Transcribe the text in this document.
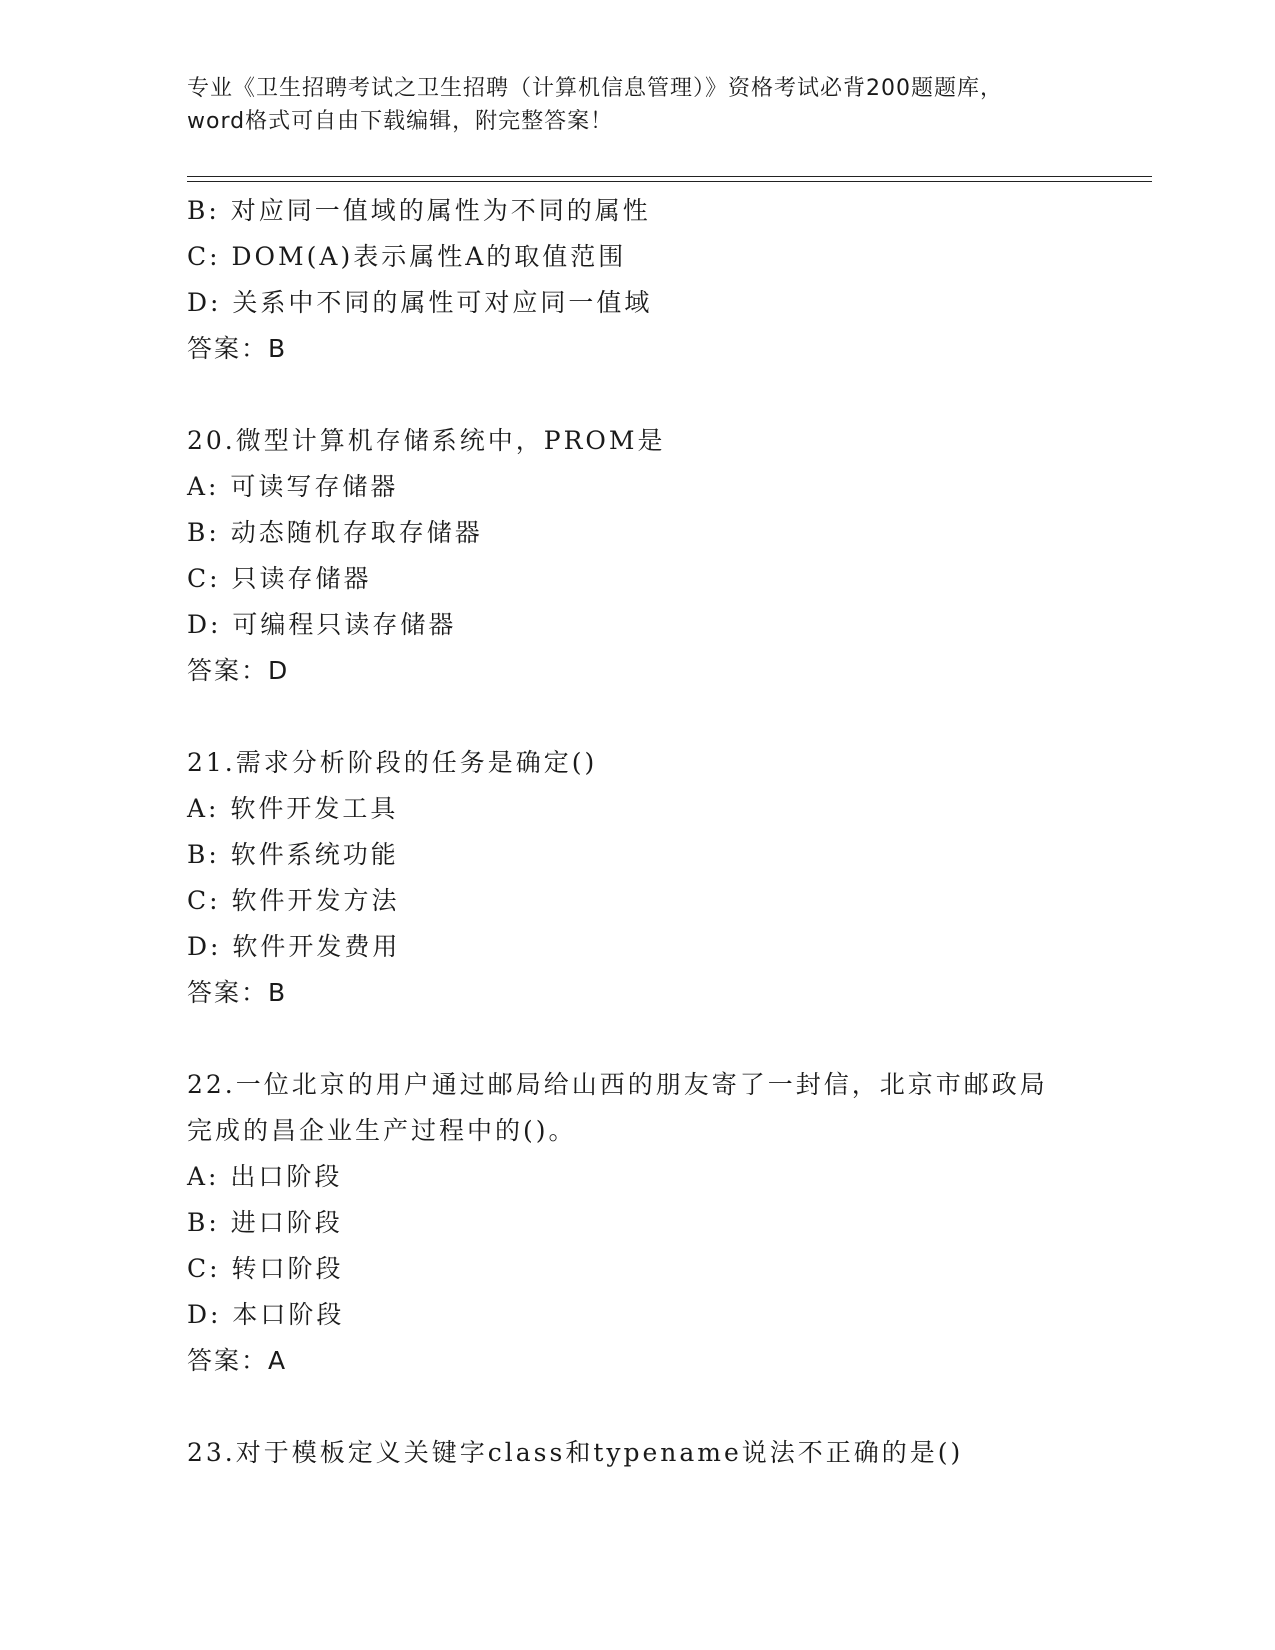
专业《卫生招聘考试之卫生招聘（计算机信息管理）》资格考试必背200题题库，
word格式可自由下载编辑，附完整答案！
B: 对应同一值域的属性为不同的属性
C: DOM(A)表示属性A的取值范围
D: 关系中不同的属性可对应同一值域
答案：B
20.微型计算机存储系统中，PROM是
A: 可读写存储器
B: 动态随机存取存储器
C: 只读存储器
D: 可编程只读存储器
答案：D
21.需求分析阶段的任务是确定()
A: 软件开发工具
B: 软件系统功能
C: 软件开发方法
D: 软件开发费用
答案：B
22.一位北京的用户通过邮局给山西的朋友寄了一封信，北京市邮政局
完成的昌企业生产过程中的()。
A: 出口阶段
B: 进口阶段
C: 转口阶段
D: 本口阶段
答案：A
23.对于模板定义关键字class和typename说法不正确的是()
